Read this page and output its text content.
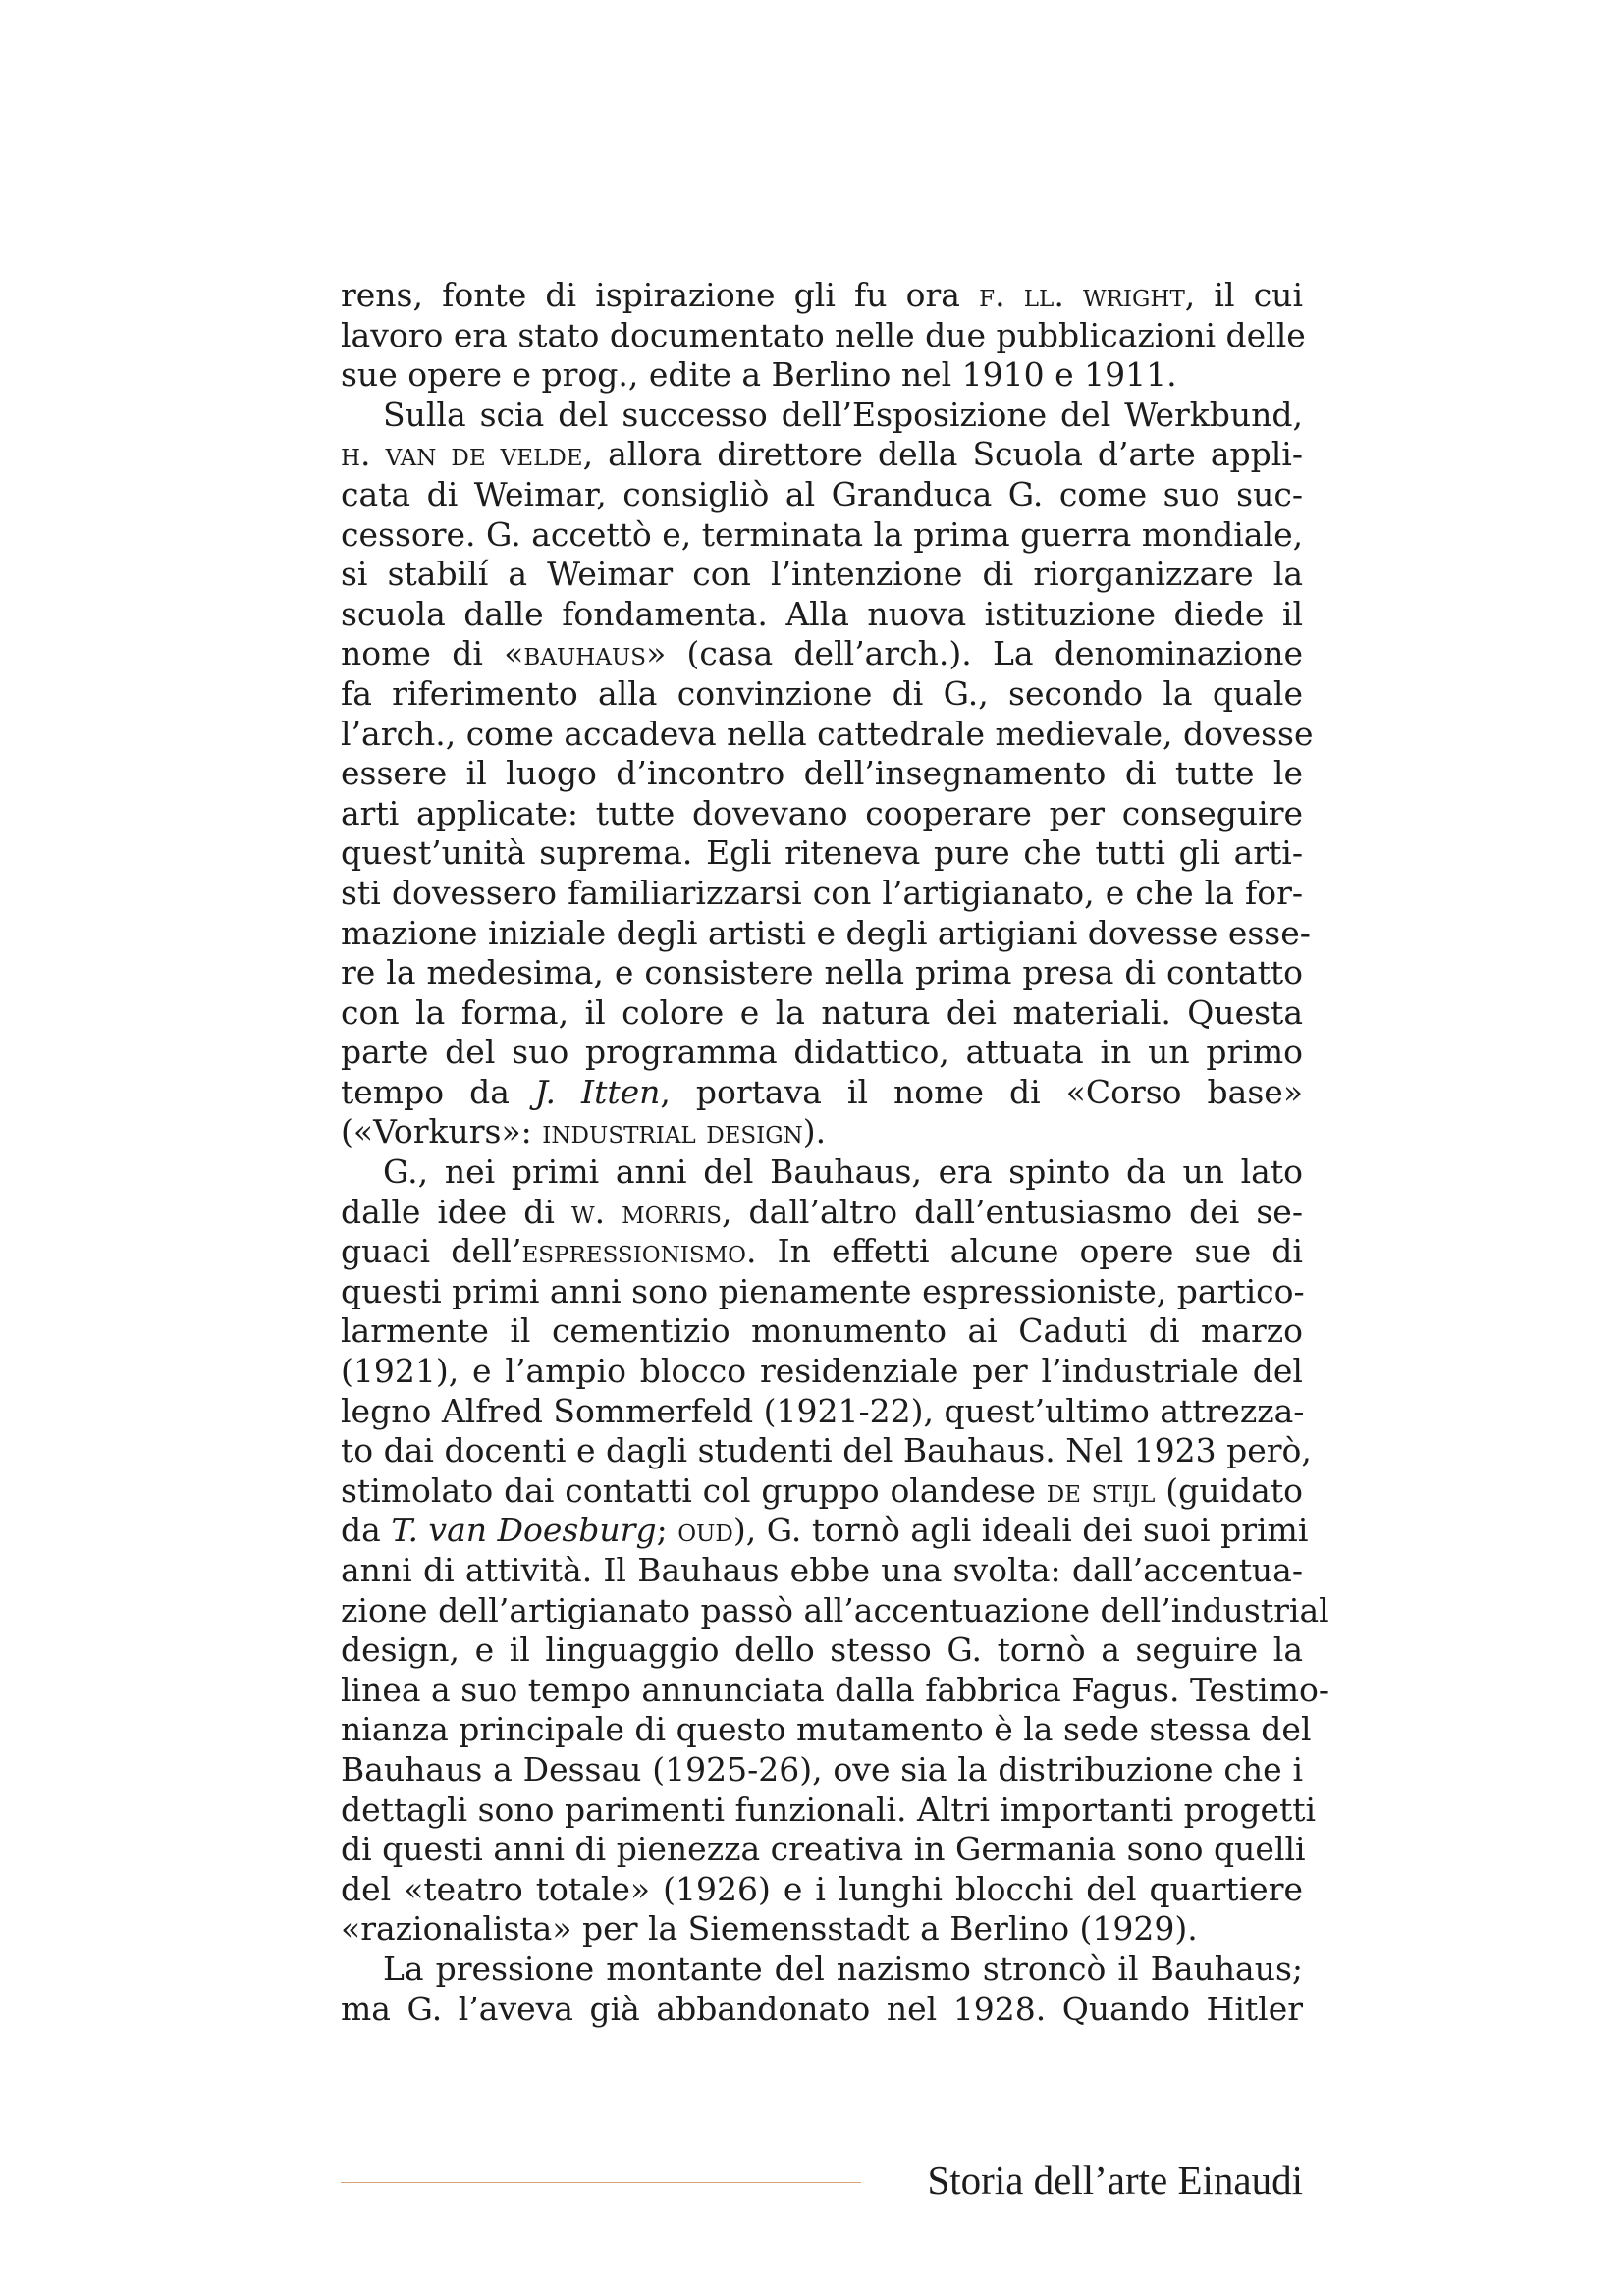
rens, fonte di ispirazione gli fu ora f. ll. wright, il cui
lavoro era stato documentato nelle due pubblicazioni delle
sue opere e prog., edite a Berlino nel 1910 e 1911.
Sulla scia del successo dell’Esposizione del Werkbund,
h. van de velde, allora direttore della Scuola d’arte appli-
cata di Weimar, consigliò al Granduca G. come suo suc-
cessore. G. accettò e, terminata la prima guerra mondiale,
si stabilí a Weimar con l’intenzione di riorganizzare la
scuola dalle fondamenta. Alla nuova istituzione diede il
nome di «bauhaus» (casa dell’arch.). La denominazione
fa riferimento alla convinzione di G., secondo la quale
l’arch., come accadeva nella cattedrale medievale, dovesse
essere il luogo d’incontro dell’insegnamento di tutte le
arti applicate: tutte dovevano cooperare per conseguire
quest’unità suprema. Egli riteneva pure che tutti gli arti-
sti dovessero familiarizzarsi con l’artigianato, e che la for-
mazione iniziale degli artisti e degli artigiani dovesse esse-
re la medesima, e consistere nella prima presa di contatto
con la forma, il colore e la natura dei materiali. Questa
parte del suo programma didattico, attuata in un primo
tempo da J. Itten, portava il nome di «Corso base»
(«Vorkurs»: industrial design).
G., nei primi anni del Bauhaus, era spinto da un lato
dalle idee di w. morris, dall’altro dall’entusiasmo dei se-
guaci dell’espressionismo. In effetti alcune opere sue di
questi primi anni sono pienamente espressioniste, partico-
larmente il cementizio monumento ai Caduti di marzo
(1921), e l’ampio blocco residenziale per l’industriale del
legno Alfred Sommerfeld (1921-22), quest’ultimo attrezza-
to dai docenti e dagli studenti del Bauhaus. Nel 1923 però,
stimolato dai contatti col gruppo olandese de stijl (guidato
da T. van Doesburg; oud), G. tornò agli ideali dei suoi primi
anni di attività. Il Bauhaus ebbe una svolta: dall’accentua-
zione dell’artigianato passò all’accentuazione dell’industrial
design, e il linguaggio dello stesso G. tornò a seguire la
linea a suo tempo annunciata dalla fabbrica Fagus. Testimo-
nianza principale di questo mutamento è la sede stessa del
Bauhaus a Dessau (1925-26), ove sia la distribuzione che i
dettagli sono parimenti funzionali. Altri importanti progetti
di questi anni di pienezza creativa in Germania sono quelli
del «teatro totale» (1926) e i lunghi blocchi del quartiere
«razionalista» per la Siemensstadt a Berlino (1929).
La pressione montante del nazismo stroncò il Bauhaus;
ma G. l’aveva già abbandonato nel 1928. Quando Hitler
Storia dell’arte Einaudi
